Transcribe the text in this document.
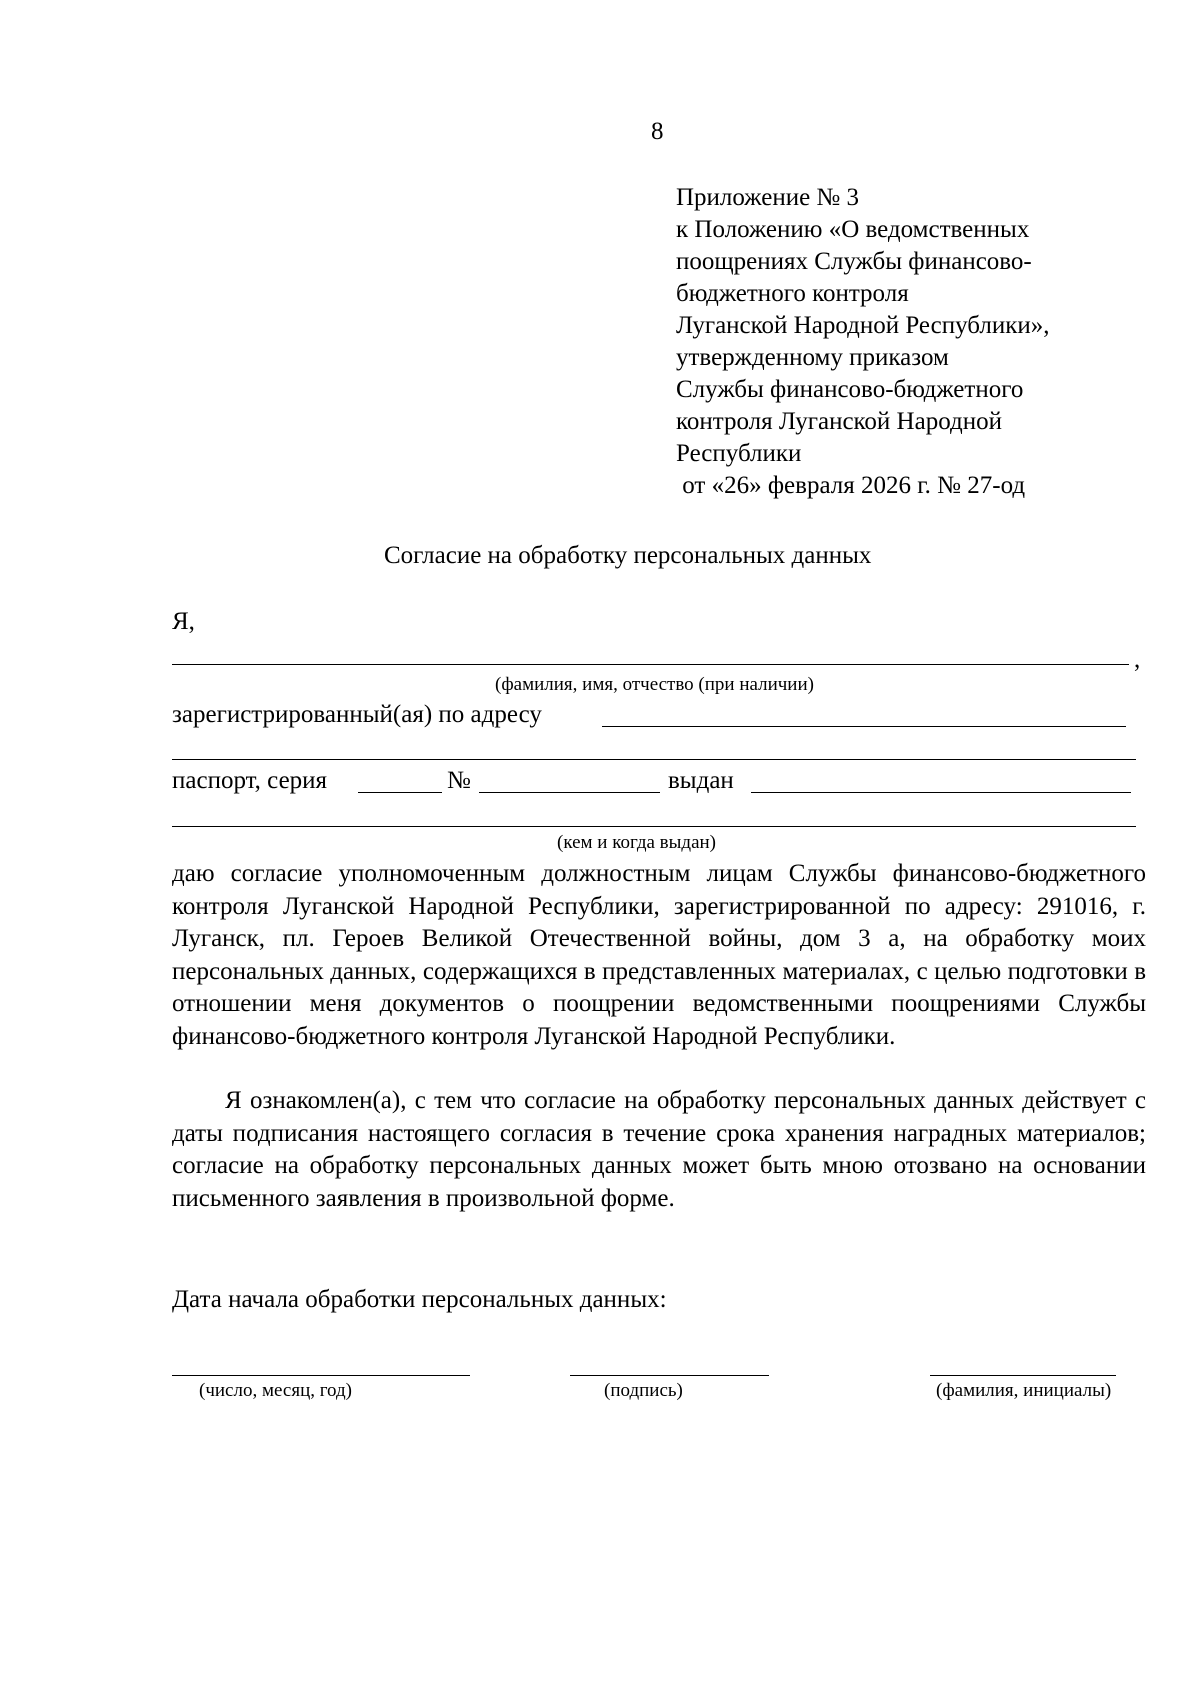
8
Приложение № 3
к Положению «О ведомственных
поощрениях Службы финансово-
бюджетного контроля
Луганской Народной Республики»,
утвержденному приказом
Службы финансово-бюджетного
контроля Луганской Народной
Республики
от «26» февраля 2026 г. № 27-од
Согласие на обработку персональных данных
Я,
,
(фамилия, имя, отчество (при наличии)
зарегистрированный(ая) по адресу
паспорт, серия	№	выдан
(кем и когда выдан)

даю согласие уполномоченным должностным лицам Службы финансово-бюджетного контроля Луганской Народной Республики, зарегистрированной по адресу: 291016, г. Луганск, пл. Героев Великой Отечественной войны, дом 3 а, на обработку моих персональных данных, содержащихся в представленных материалах, с целью подготовки в отношении меня документов о поощрении ведомственными поощрениями Службы финансово-бюджетного контроля Луганской Народной Республики.

Я ознакомлен(а), с тем что согласие на обработку персональных данных действует с даты подписания настоящего согласия в течение срока хранения наградных материалов; согласие на обработку персональных данных может быть мною отозвано на основании письменного заявления в произвольной форме.

Дата начала обработки персональных данных:
(число, месяц, год)	(подпись)	(фамилия, инициалы)
